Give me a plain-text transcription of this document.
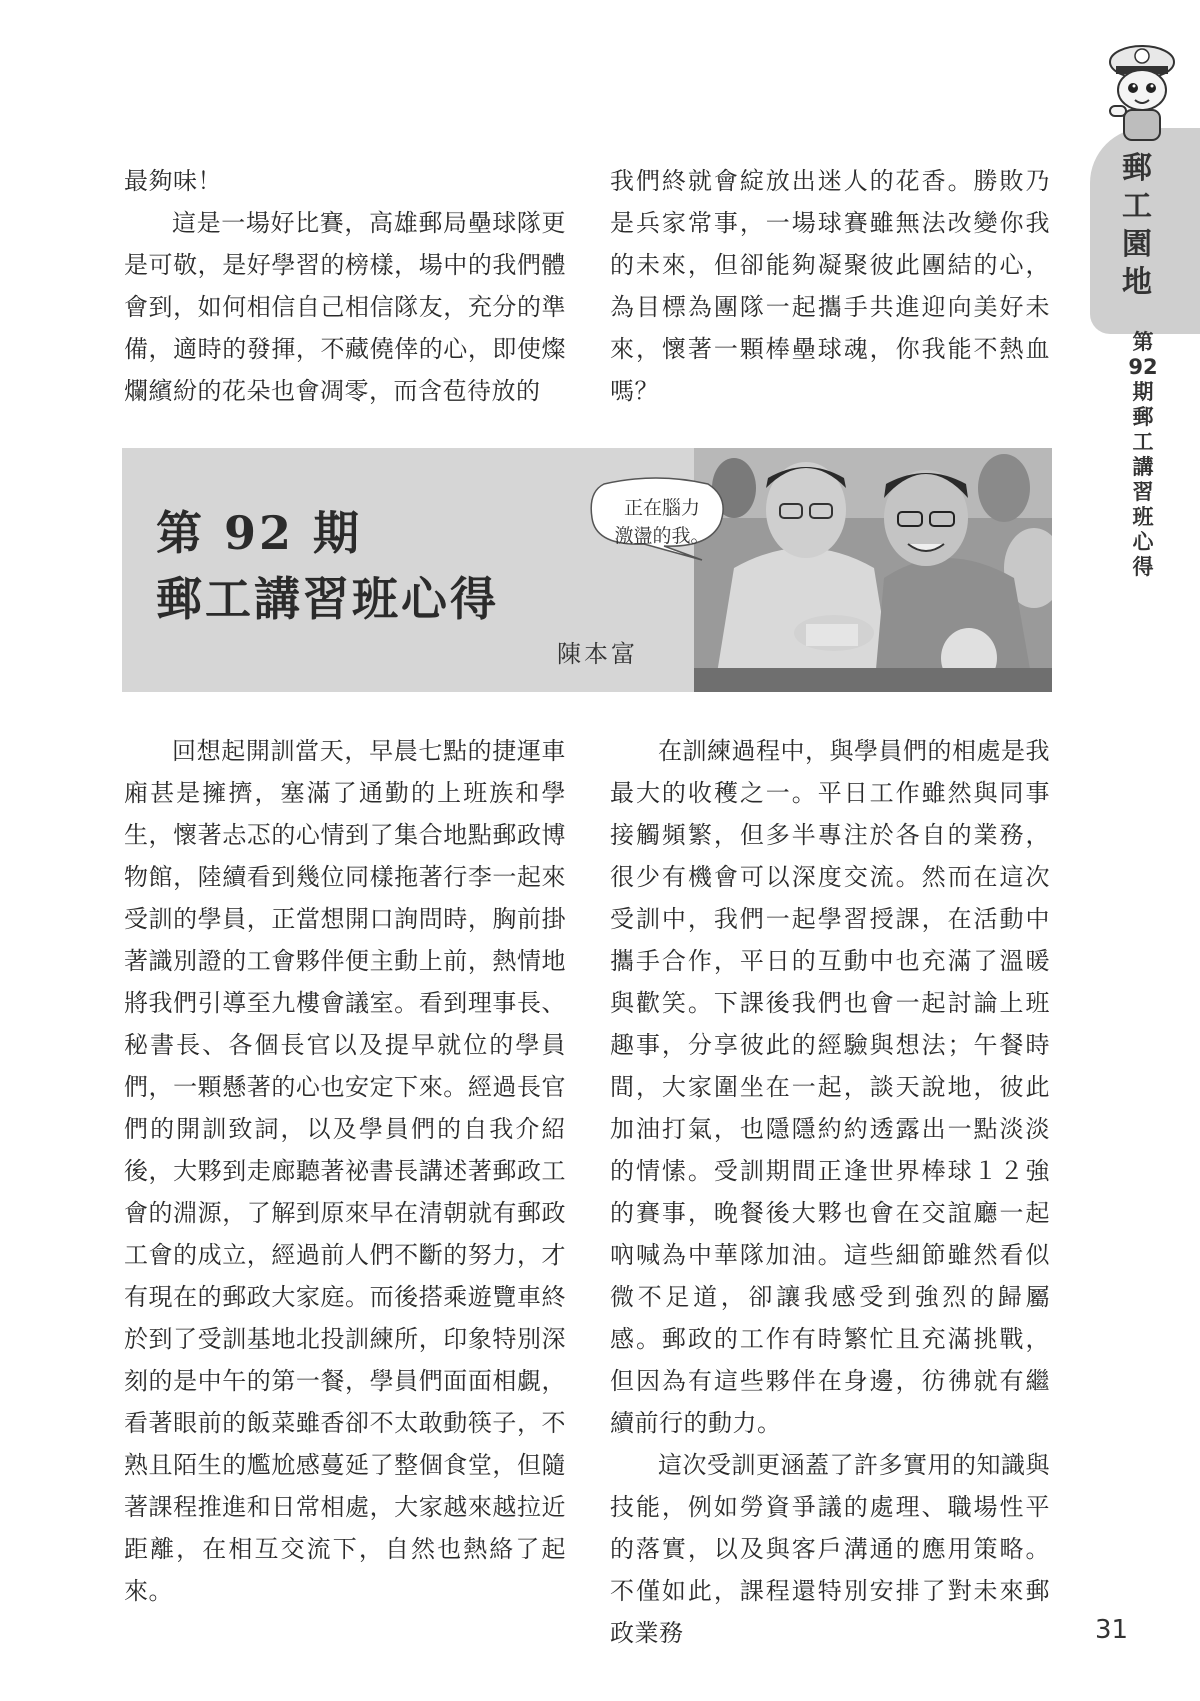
郵
工
園
地
第
92
期
郵
工
講
習
班
心
得

最夠味！

這是一場好比賽，高雄郵局壘球隊更是可敬，是好學習的榜樣，場中的我們體會到，如何相信自己相信隊友，充分的準備，適時的發揮，不藏僥倖的心，即使燦爛繽紛的花朵也會凋零，而含苞待放的

我們終就會綻放出迷人的花香。勝敗乃是兵家常事，一場球賽雖無法改變你我的未來，但卻能夠凝聚彼此團結的心，為目標為團隊一起攜手共進迎向美好未來，懷著一顆棒壘球魂，你我能不熱血嗎？

第 92 期
郵工講習班心得
陳本富
正在腦力
激盪的我。

回想起開訓當天，早晨七點的捷運車廂甚是擁擠，塞滿了通勤的上班族和學生，懷著忐忑的心情到了集合地點郵政博物館，陸續看到幾位同樣拖著行李一起來受訓的學員，正當想開口詢問時，胸前掛著識別證的工會夥伴便主動上前，熱情地將我們引導至九樓會議室。看到理事長、秘書長、各個長官以及提早就位的學員們，一顆懸著的心也安定下來。經過長官們的開訓致詞，以及學員們的自我介紹後，大夥到走廊聽著祕書長講述著郵政工會的淵源，了解到原來早在清朝就有郵政工會的成立，經過前人們不斷的努力，才有現在的郵政大家庭。而後搭乘遊覽車終於到了受訓基地北投訓練所，印象特別深刻的是中午的第一餐，學員們面面相覷，看著眼前的飯菜雖香卻不太敢動筷子，不熟且陌生的尷尬感蔓延了整個食堂，但隨著課程推進和日常相處，大家越來越拉近距離，在相互交流下，自然也熱絡了起來。

在訓練過程中，與學員們的相處是我最大的收穫之一。平日工作雖然與同事接觸頻繁，但多半專注於各自的業務，很少有機會可以深度交流。然而在這次受訓中，我們一起學習授課，在活動中攜手合作，平日的互動中也充滿了溫暖與歡笑。下課後我們也會一起討論上班趣事，分享彼此的經驗與想法；午餐時間，大家圍坐在一起，談天說地，彼此加油打氣，也隱隱約約透露出一點淡淡的情愫。受訓期間正逢世界棒球１２強的賽事，晚餐後大夥也會在交誼廳一起吶喊為中華隊加油。這些細節雖然看似微不足道，卻讓我感受到強烈的歸屬感。郵政的工作有時繁忙且充滿挑戰，但因為有這些夥伴在身邊，彷彿就有繼續前行的動力。

這次受訓更涵蓋了許多實用的知識與技能，例如勞資爭議的處理、職場性平的落實，以及與客戶溝通的應用策略。不僅如此，課程還特別安排了對未來郵政業務	31
